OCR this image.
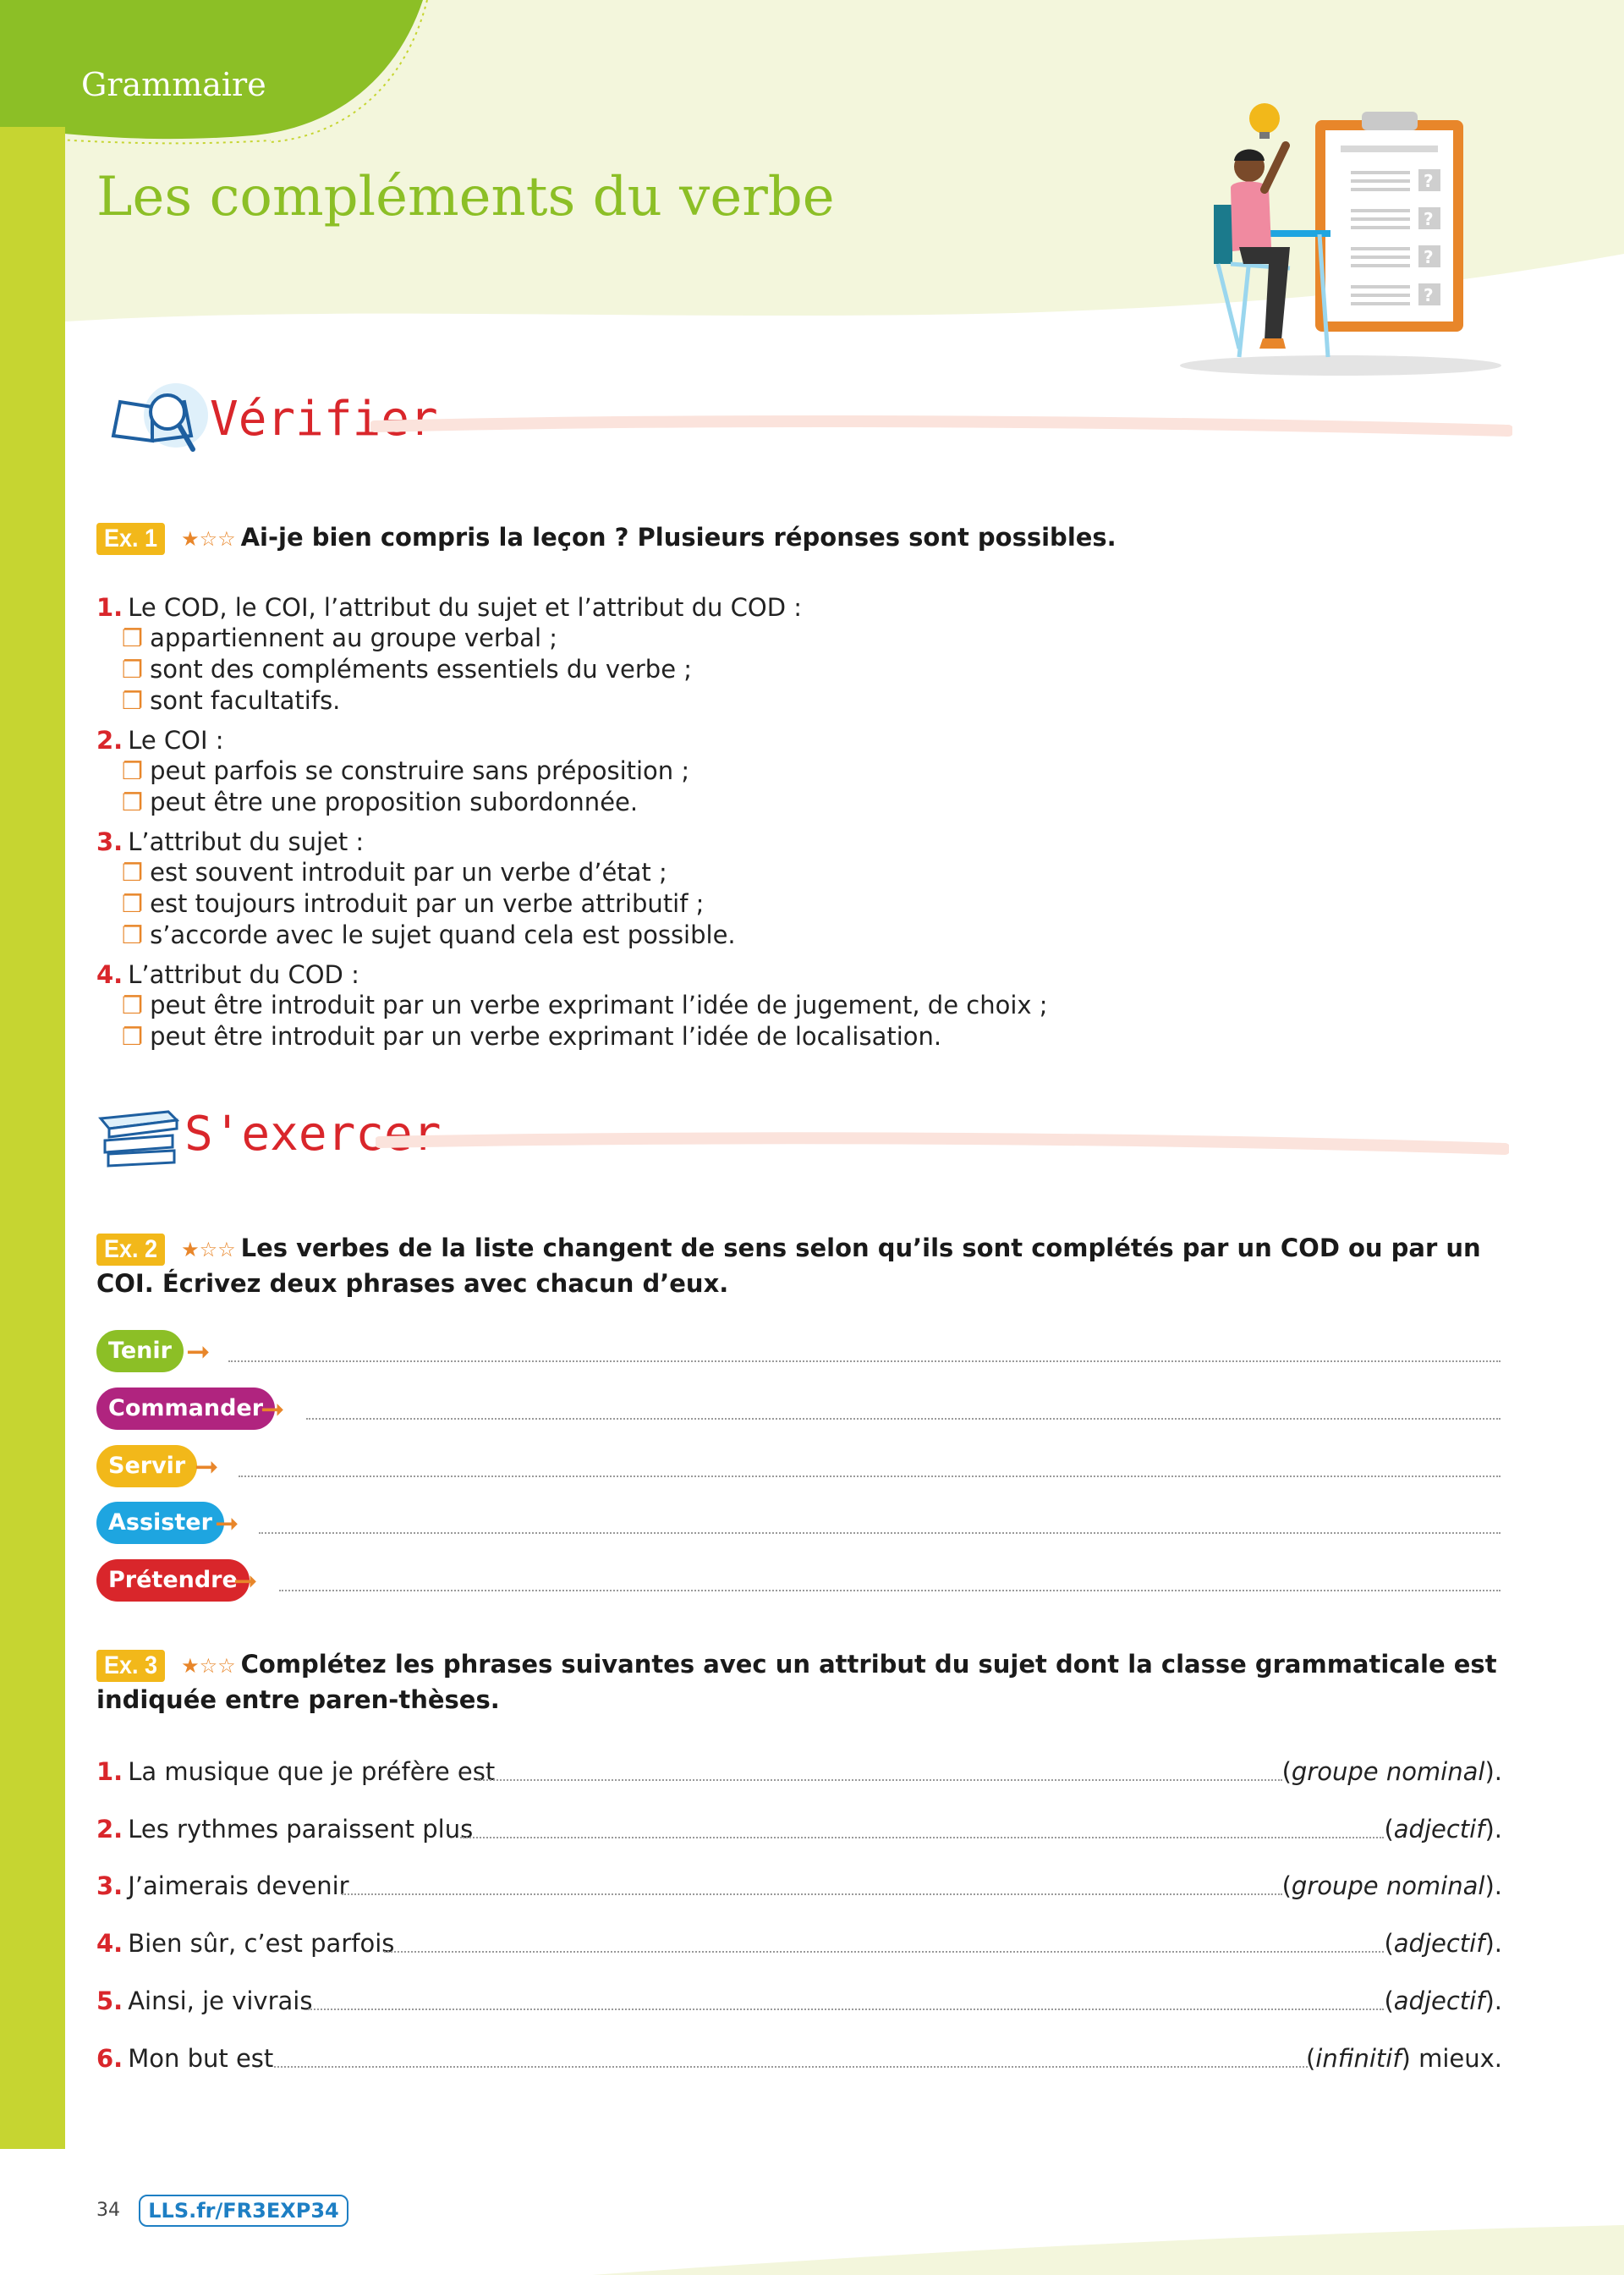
Grammaire
Les compléments du verbe	?
?
?
?
Vérifier
Ex. 1 ★☆☆ Ai-je bien compris la leçon ? Plusieurs réponses sont possibles.
1. Le COD, le COI, l’attribut du sujet et l’attribut du COD :
❐ appartiennent au groupe verbal ;
❐ sont des compléments essentiels du verbe ;
❐ sont facultatifs.
2. Le COI :
❐ peut parfois se construire sans préposition ;
❐ peut être une proposition subordonnée.
3. L’attribut du sujet :
❐ est souvent introduit par un verbe d’état ;
❐ est toujours introduit par un verbe attributif ;
❐ s’accorde avec le sujet quand cela est possible.
4. L’attribut du COD :
❐ peut être introduit par un verbe exprimant l’idée de jugement, de choix ;
❐ peut être introduit par un verbe exprimant l’idée de localisation.
S'exercer
Ex. 2 ★☆☆ Les verbes de la liste changent de sens selon qu’ils sont complétés par un COD ou par un COI. Écrivez deux phrases avec chacun d’eux.
Tenir ➞
Commander
➞
Servir ➞
Assister ➞
Prétendre
➞
Ex. 3 ★☆☆ Complétez les phrases suivantes avec un attribut du sujet dont la classe grammaticale est indiquée entre paren-thèses.
1. La musique que je préfère est	(groupe nominal).
2. Les rythmes paraissent plus	(adjectif).
3. J’aimerais devenir	(groupe nominal).
4. Bien sûr, c’est parfois	(adjectif).
5. Ainsi, je vivrais	(adjectif).
6. Mon but est	(infinitif) mieux.
34	LLS.fr/FR3EXP34
